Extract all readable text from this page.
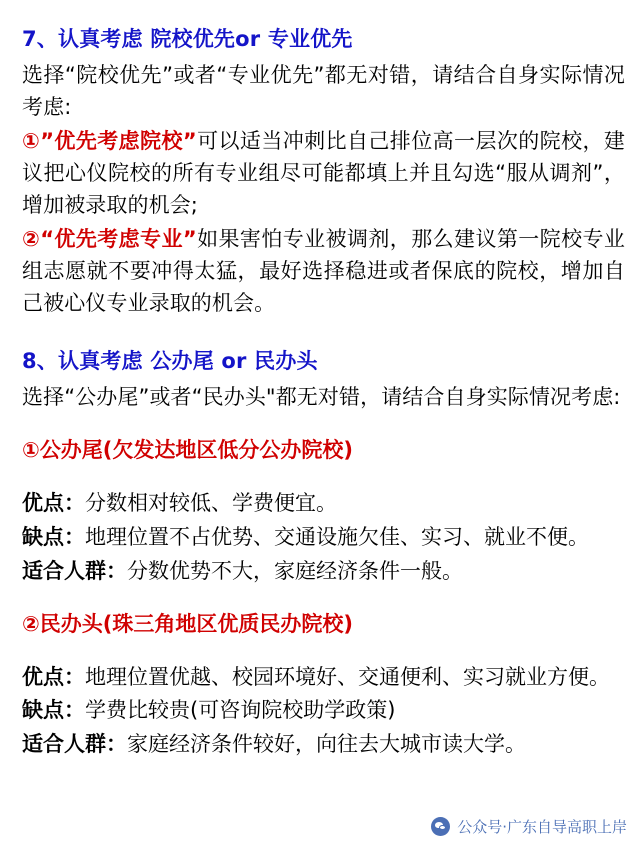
7、认真考虑 院校优先or 专业优先

选择“院校优先”或者“专业优先”都无对错，请结合自身实际情况考虑:

①”优先考虑院校”可以适当冲刺比自己排位高一层次的院校，建议把心仪院校的所有专业组尽可能都填上并且勾选“服从调剂”，增加被录取的机会;

②“优先考虑专业”如果害怕专业被调剂，那么建议第一院校专业组志愿就不要冲得太猛，最好选择稳进或者保底的院校，增加自己被心仪专业录取的机会。

8、认真考虑 公办尾 or 民办头

选择“公办尾”或者“民办头"都无对错，请结合自身实际情况考虑:

①公办尾(欠发达地区低分公办院校)

优点：分数相对较低、学费便宜。

缺点：地理位置不占优势、交通设施欠佳、实习、就业不便。

适合人群：分数优势不大，家庭经济条件一般。

②民办头(珠三角地区优质民办院校)

优点：地理位置优越、校园环境好、交通便利、实习就业方便。

缺点：学费比较贵(可咨询院校助学政策)

适合人群：家庭经济条件较好，向往去大城市读大学。

公众号·广东自导高职上岸
